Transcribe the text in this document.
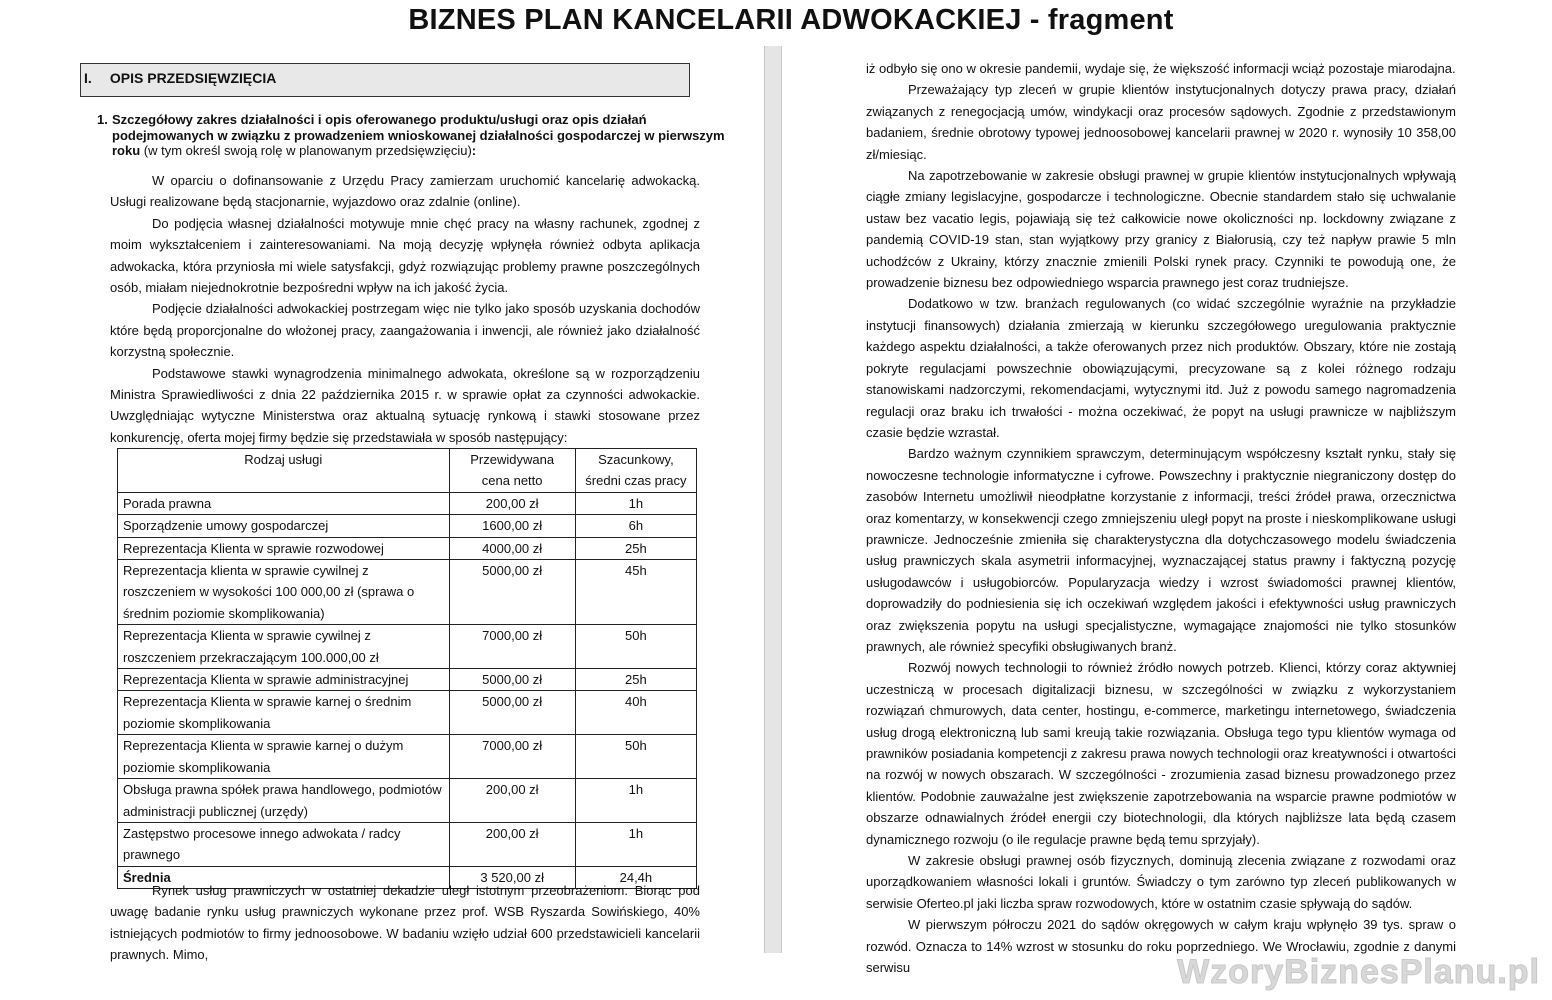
BIZNES PLAN KANCELARII ADWOKACKIEJ - fragment
I. OPIS PRZEDSIĘWZIĘCIA
1. Szczegółowy zakres działalności i opis oferowanego produktu/usługi oraz opis działań podejmowanych w związku z prowadzeniem wnioskowanej działalności gospodarczej w pierwszym roku (w tym określ swoją rolę w planowanym przedsięwzięciu):

W oparciu o dofinansowanie z Urzędu Pracy zamierzam uruchomić kancelarię adwokacką. Usługi realizowane będą stacjonarnie, wyjazdowo oraz zdalnie (online).

Do podjęcia własnej działalności motywuje mnie chęć pracy na własny rachunek, zgodnej z moim wykształceniem i zainteresowaniami. Na moją decyzję wpłynęła również odbyta aplikacja adwokacka, która przyniosła mi wiele satysfakcji, gdyż rozwiązując problemy prawne poszczególnych osób, miałam niejednokrotnie bezpośredni wpływ na ich jakość życia.

Podjęcie działalności adwokackiej postrzegam więc nie tylko jako sposób uzyskania dochodów które będą proporcjonalne do włożonej pracy, zaangażowania i inwencji, ale również jako działalność korzystną społecznie.

Podstawowe stawki wynagrodzenia minimalnego adwokata, określone są w rozporządzeniu Ministra Sprawiedliwości z dnia 22 października 2015 r. w sprawie opłat za czynności adwokackie. Uwzględniając wytyczne Ministerstwa oraz aktualną sytuację rynkową i stawki stosowane przez konkurencję, oferta mojej firmy będzie się przedstawiała w sposób następujący:

Rodzaj usługi	Przewidywana cena netto	Szacunkowy, średni czas pracy
Porada prawna	200,00 zł	1h
Sporządzenie umowy gospodarczej	1600,00 zł	6h
Reprezentacja Klienta w sprawie rozwodowej	4000,00 zł	25h
Reprezentacja klienta w sprawie cywilnej z roszczeniem w wysokości 100 000,00 zł (sprawa o średnim poziomie skomplikowania)	5000,00 zł	45h
Reprezentacja Klienta w sprawie cywilnej z roszczeniem przekraczającym 100.000,00 zł	7000,00 zł	50h
Reprezentacja Klienta w sprawie administracyjnej	5000,00 zł	25h
Reprezentacja Klienta w sprawie karnej o średnim poziomie skomplikowania	5000,00 zł	40h
Reprezentacja Klienta w sprawie karnej o dużym poziomie skomplikowania	7000,00 zł	50h
Obsługa prawna spółek prawa handlowego, podmiotów administracji publicznej (urzędy)	200,00 zł	1h
Zastępstwo procesowe innego adwokata / radcy prawnego	200,00 zł	1h
Średnia	3 520,00 zł	24,4h

Rynek usług prawniczych w ostatniej dekadzie uległ istotnym przeobrażeniom. Biorąc pod uwagę badanie rynku usług prawniczych wykonane przez prof. WSB Ryszarda Sowińskiego, 40% istniejących podmiotów to firmy jednoosobowe. W badaniu wzięło udział 600 przedstawicieli kancelarii prawnych. Mimo,

iż odbyło się ono w okresie pandemii, wydaje się, że większość informacji wciąż pozostaje miarodajna.

Przeważający typ zleceń w grupie klientów instytucjonalnych dotyczy prawa pracy, działań związanych z renegocjacją umów, windykacji oraz procesów sądowych. Zgodnie z przedstawionym badaniem, średnie obrotowy typowej jednoosobowej kancelarii prawnej w 2020 r. wynosiły 10 358,00 zł/miesiąc.

Na zapotrzebowanie w zakresie obsługi prawnej w grupie klientów instytucjonalnych wpływają ciągłe zmiany legislacyjne, gospodarcze i technologiczne. Obecnie standardem stało się uchwalanie ustaw bez vacatio legis, pojawiają się też całkowicie nowe okoliczności np. lockdowny związane z pandemią COVID-19 stan, stan wyjątkowy przy granicy z Białorusią, czy też napływ prawie 5 mln uchodźców z Ukrainy, którzy znacznie zmienili Polski rynek pracy. Czynniki te powodują one, że prowadzenie biznesu bez odpowiedniego wsparcia prawnego jest coraz trudniejsze.

Dodatkowo w tzw. branżach regulowanych (co widać szczególnie wyraźnie na przykładzie instytucji finansowych) działania zmierzają w kierunku szczegółowego uregulowania praktycznie każdego aspektu działalności, a także oferowanych przez nich produktów. Obszary, które nie zostają pokryte regulacjami powszechnie obowiązującymi, precyzowane są z kolei różnego rodzaju stanowiskami nadzorczymi, rekomendacjami, wytycznymi itd. Już z powodu samego nagromadzenia regulacji oraz braku ich trwałości - można oczekiwać, że popyt na usługi prawnicze w najbliższym czasie będzie wzrastał.

Bardzo ważnym czynnikiem sprawczym, determinującym współczesny kształt rynku, stały się nowoczesne technologie informatyczne i cyfrowe. Powszechny i praktycznie niegraniczony dostęp do zasobów Internetu umożliwił nieodpłatne korzystanie z informacji, treści źródeł prawa, orzecznictwa oraz komentarzy, w konsekwencji czego zmniejszeniu uległ popyt na proste i nieskomplikowane usługi prawnicze. Jednocześnie zmieniła się charakterystyczna dla dotychczasowego modelu świadczenia usług prawniczych skala asymetrii informacyjnej, wyznaczającej status prawny i faktyczną pozycję usługodawców i usługobiorców. Popularyzacja wiedzy i wzrost świadomości prawnej klientów, doprowadziły do podniesienia się ich oczekiwań względem jakości i efektywności usług prawniczych oraz zwiększenia popytu na usługi specjalistyczne, wymagające znajomości nie tylko stosunków prawnych, ale również specyfiki obsługiwanych branż.

Rozwój nowych technologii to również źródło nowych potrzeb. Klienci, którzy coraz aktywniej uczestniczą w procesach digitalizacji biznesu, w szczególności w związku z wykorzystaniem rozwiązań chmurowych, data center, hostingu, e-commerce, marketingu internetowego, świadczenia usług drogą elektroniczną lub sami kreują takie rozwiązania. Obsługa tego typu klientów wymaga od prawników posiadania kompetencji z zakresu prawa nowych technologii oraz kreatywności i otwartości na rozwój w nowych obszarach. W szczególności - zrozumienia zasad biznesu prowadzonego przez klientów. Podobnie zauważalne jest zwiększenie zapotrzebowania na wsparcie prawne podmiotów w obszarze odnawialnych źródeł energii czy biotechnologii, dla których najbliższe lata będą czasem dynamicznego rozwoju (o ile regulacje prawne będą temu sprzyjały).

W zakresie obsługi prawnej osób fizycznych, dominują zlecenia związane z rozwodami oraz uporządkowaniem własności lokali i gruntów. Świadczy o tym zarówno typ zleceń publikowanych w serwisie Oferteo.pl jaki liczba spraw rozwodowych, które w ostatnim czasie spływają do sądów.

W pierwszym półroczu 2021 do sądów okręgowych w całym kraju wpłynęło 39 tys. spraw o rozwód. Oznacza to 14% wzrost w stosunku do roku poprzedniego. We Wrocławiu, zgodnie z danymi serwisu	WzoryBiznesPlanu.pl
